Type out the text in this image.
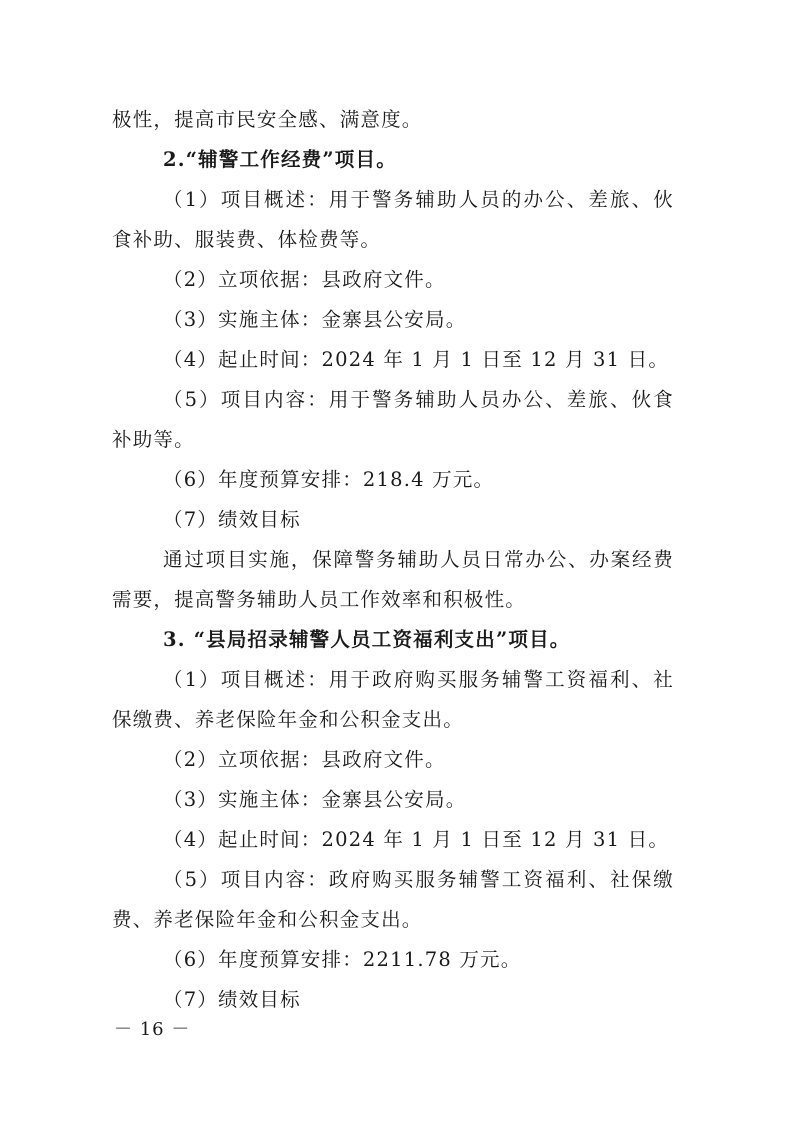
极性，提高市民安全感、满意度。
2.“辅警工作经费”项目。
（1）项目概述：用于警务辅助人员的办公、差旅、伙
食补助、服装费、体检费等。
（2）立项依据：县政府文件。
（3）实施主体：金寨县公安局。
（4）起止时间：2024 年 1 月 1 日至 12 月 31 日。
（5）项目内容：用于警务辅助人员办公、差旅、伙食
补助等。
（6）年度预算安排：218.4 万元。
（7）绩效目标
通过项目实施，保障警务辅助人员日常办公、办案经费
需要，提高警务辅助人员工作效率和积极性。
3. “县局招录辅警人员工资福利支出”项目。
（1）项目概述：用于政府购买服务辅警工资福利、社
保缴费、养老保险年金和公积金支出。
（2）立项依据：县政府文件。
（3）实施主体：金寨县公安局。
（4）起止时间：2024 年 1 月 1 日至 12 月 31 日。
（5）项目内容：政府购买服务辅警工资福利、社保缴
费、养老保险年金和公积金支出。
（6）年度预算安排：2211.78 万元。
（7）绩效目标
－ 16 －
